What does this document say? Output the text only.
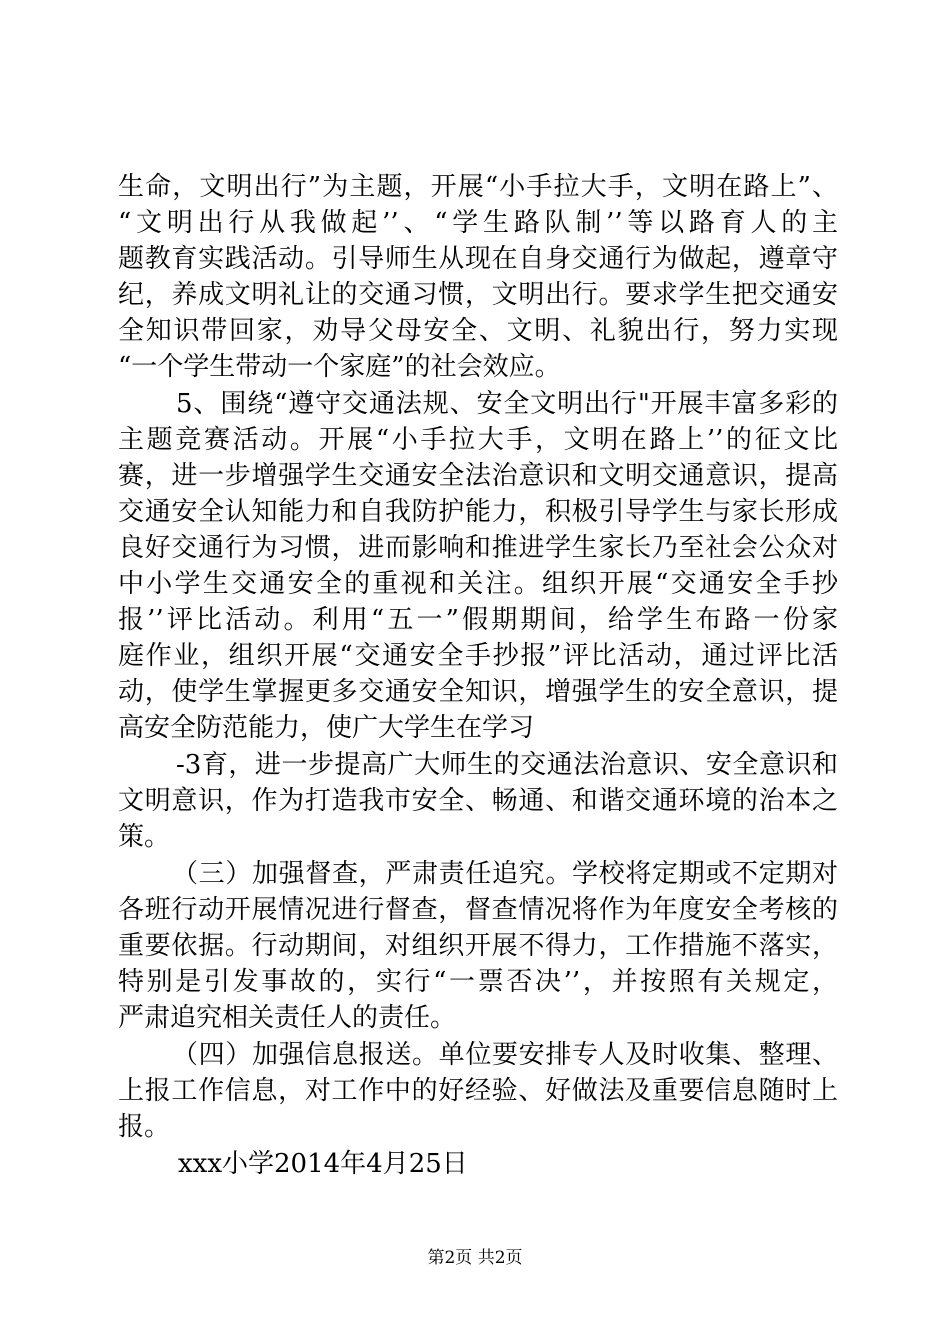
生命，文明出行”为主题，开展“小手拉大手，文明在路上”、
“文明出行从我做起’’、“学生路队制’’等以路育人的主
题教育实践活动。引导师生从现在自身交通行为做起，遵章守
纪，养成文明礼让的交通习惯，文明出行。要求学生把交通安
全知识带回家，劝导父母安全、文明、礼貌出行，努力实现
“一个学生带动一个家庭”的社会效应。
5、围绕“遵守交通法规、安全文明出行"开展丰富多彩的
主题竞赛活动。开展“小手拉大手，文明在路上’’的征文比
赛，进一步增强学生交通安全法治意识和文明交通意识，提高
交通安全认知能力和自我防护能力，积极引导学生与家长形成
良好交通行为习惯，进而影响和推进学生家长乃至社会公众对
中小学生交通安全的重视和关注。组织开展“交通安全手抄
报’’评比活动。利用“五一”假期期间，给学生布路一份家
庭作业，组织开展“交通安全手抄报”评比活动，通过评比活
动，使学生掌握更多交通安全知识，增强学生的安全意识，提
高安全防范能力，使广大学生在学习
-3育，进一步提高广大师生的交通法治意识、安全意识和
文明意识，作为打造我市安全、畅通、和谐交通环境的治本之
策。
（三）加强督查，严肃责任追究。学校将定期或不定期对
各班行动开展情况进行督查，督查情况将作为年度安全考核的
重要依据。行动期间，对组织开展不得力，工作措施不落实，
特别是引发事故的，实行“一票否决’’，并按照有关规定，
严肃追究相关责任人的责任。
（四）加强信息报送。单位要安排专人及时收集、整理、
上报工作信息，对工作中的好经验、好做法及重要信息随时上
报。
xxx小学2014年4月25日
第2页 共2页
